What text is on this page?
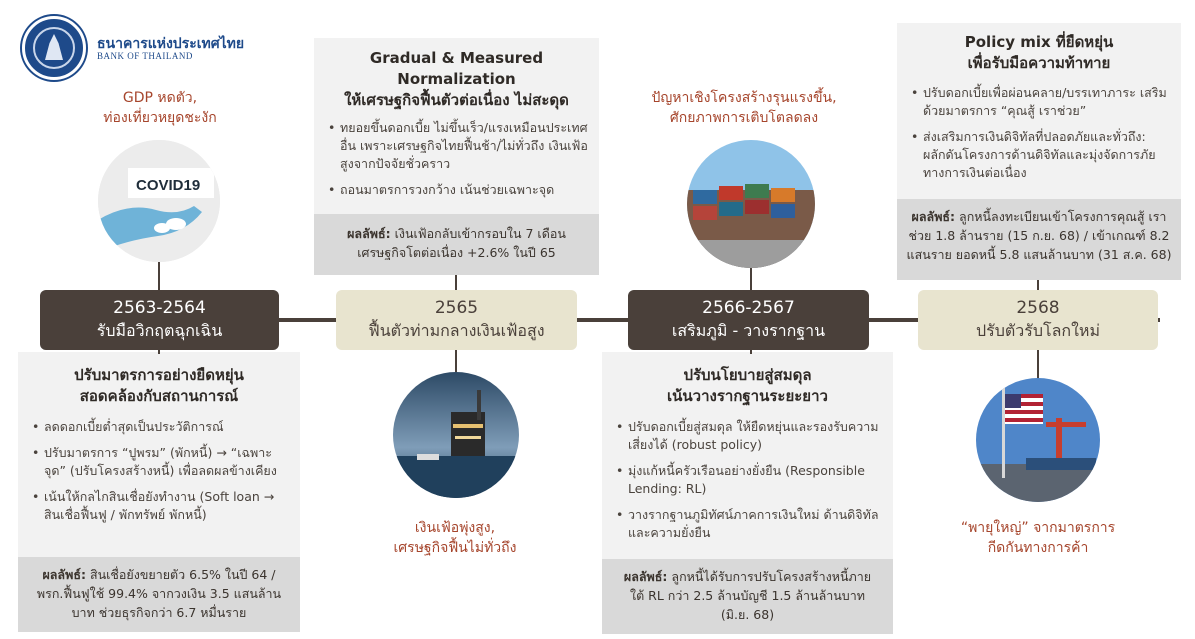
ธนาคารแห่งประเทศไทย
BANK OF THAILAND
GDP หดตัว,
ท่องเที่ยวหยุดชะงัก
COVID19
ปรับมาตรการอย่างยืดหยุ่น
สอดคล้องกับสถานการณ์
• ลดดอกเบี้ยต่ำสุดเป็นประวัติการณ์
• ปรับมาตรการ “ปูพรม” (พักหนี้) → “เฉพาะจุด” (ปรับโครงสร้างหนี้) เพื่อลดผลข้างเคียง
• เน้นให้กลไกสินเชื่อยังทำงาน (Soft loan → สินเชื่อฟื้นฟู / พักทรัพย์ พักหนี้)
ผลลัพธ์: สินเชื่อยังขยายตัว 6.5% ในปี 64 / พรก.ฟื้นฟูใช้ 99.4% จากวงเงิน 3.5 แสนล้านบาท ช่วยธุรกิจกว่า 6.7 หมื่นราย
Gradual & Measured
Normalization
ให้เศรษฐกิจฟื้นตัวต่อเนื่อง ไม่สะดุด
• ทยอยขึ้นดอกเบี้ย ไม่ขึ้นเร็ว/แรงเหมือนประเทศอื่น เพราะเศรษฐกิจไทยฟื้นช้า/ไม่ทั่วถึง เงินเฟ้อสูงจากปัจจัยชั่วคราว
• ถอนมาตรการวงกว้าง เน้นช่วยเฉพาะจุด
ผลลัพธ์: เงินเฟ้อกลับเข้ากรอบใน 7 เดือน เศรษฐกิจโตต่อเนื่อง +2.6% ในปี 65
เงินเฟ้อพุ่งสูง,
เศรษฐกิจฟื้นไม่ทั่วถึง
ปัญหาเชิงโครงสร้างรุนแรงขึ้น,
ศักยภาพการเติบโตลดลง
ปรับนโยบายสู่สมดุล
เน้นวางรากฐานระยะยาว
• ปรับดอกเบี้ยสู่สมดุล ให้ยืดหยุ่นและรองรับความเสี่ยงได้ (robust policy)
• มุ่งแก้หนี้ครัวเรือนอย่างยั่งยืน (Responsible Lending: RL)
• วางรากฐานภูมิทัศน์ภาคการเงินใหม่ ด้านดิจิทัลและความยั่งยืน
ผลลัพธ์: ลูกหนี้ได้รับการปรับโครงสร้างหนี้ภายใต้ RL กว่า 2.5 ล้านบัญชี 1.5 ล้านล้านบาท (มิ.ย. 68)
Policy mix ที่ยืดหยุ่น
เพื่อรับมือความท้าทาย
• ปรับดอกเบี้ยเพื่อผ่อนคลาย/บรรเทาภาระ เสริมด้วยมาตรการ “คุณสู้ เราช่วย”
• ส่งเสริมการเงินดิจิทัลที่ปลอดภัยและทั่วถึง: ผลักดันโครงการด้านดิจิทัลและมุ่งจัดการภัยทางการเงินต่อเนื่อง
ผลลัพธ์: ลูกหนี้ลงทะเบียนเข้าโครงการคุณสู้ เราช่วย 1.8 ล้านราย (15 ก.ย. 68) / เข้าเกณฑ์ 8.2 แสนราย ยอดหนี้ 5.8 แสนล้านบาท (31 ส.ค. 68)
2563-2564
รับมือวิกฤตฉุกเฉิน
2565
ฟื้นตัวท่ามกลางเงินเฟ้อสูง
2566-2567
เสริมภูมิ - วางรากฐาน
2568
ปรับตัวรับโลกใหม่
“พายุใหญ่” จากมาตรการ
กีดกันทางการค้า
